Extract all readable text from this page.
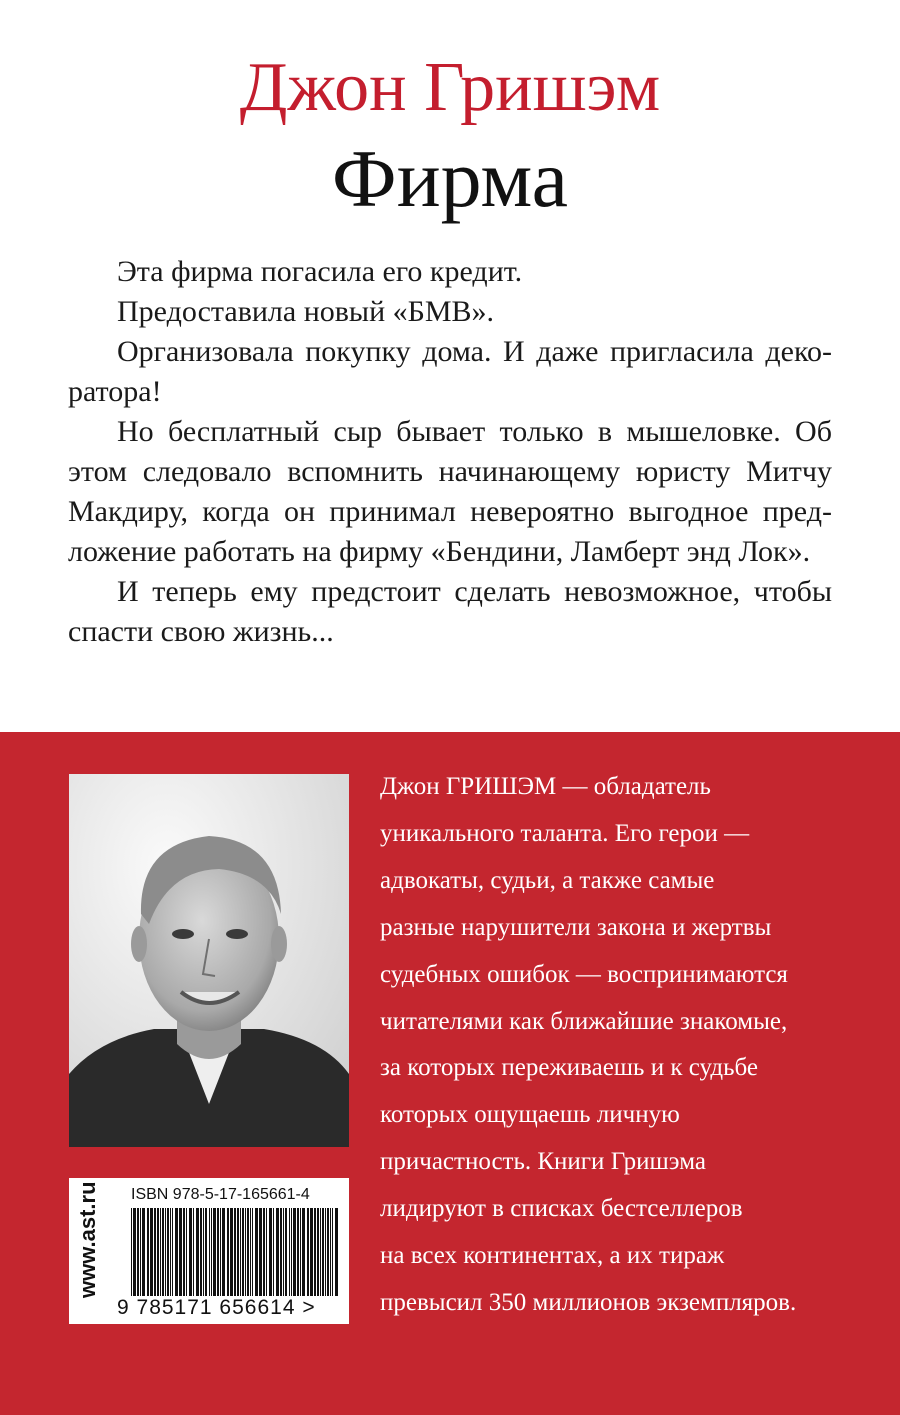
Джон Гришэм
Фирма

Эта фирма погасила его кредит.

Предоставила новый «БМВ».

Организовала покупку дома. И даже пригласила декоратора!

Но бесплатный сыр бывает только в мышеловке. Об этом следовало вспомнить начинающему юристу Митчу Макдиру, когда он принимал невероятно выгодное предложение работать на фирму «Бендини, Ламберт энд Лок».

И теперь ему предстоит сделать невозможное, чтобы спасти свою жизнь...

www.ast.ru ISBN 978-5-17-165661-4
9 785171 656614 >
Джон ГРИШЭМ — обладатель
уникального таланта. Его герои —
адвокаты, судьи, а также самые
разные нарушители закона и жертвы
судебных ошибок — воспринимаются
читателями как ближайшие знакомые,
за которых переживаешь и к судьбе
которых ощущаешь личную
причастность. Книги Гришэма
лидируют в списках бестселлеров
на всех континентах, а их тираж
превысил 350 миллионов экземпляров.
